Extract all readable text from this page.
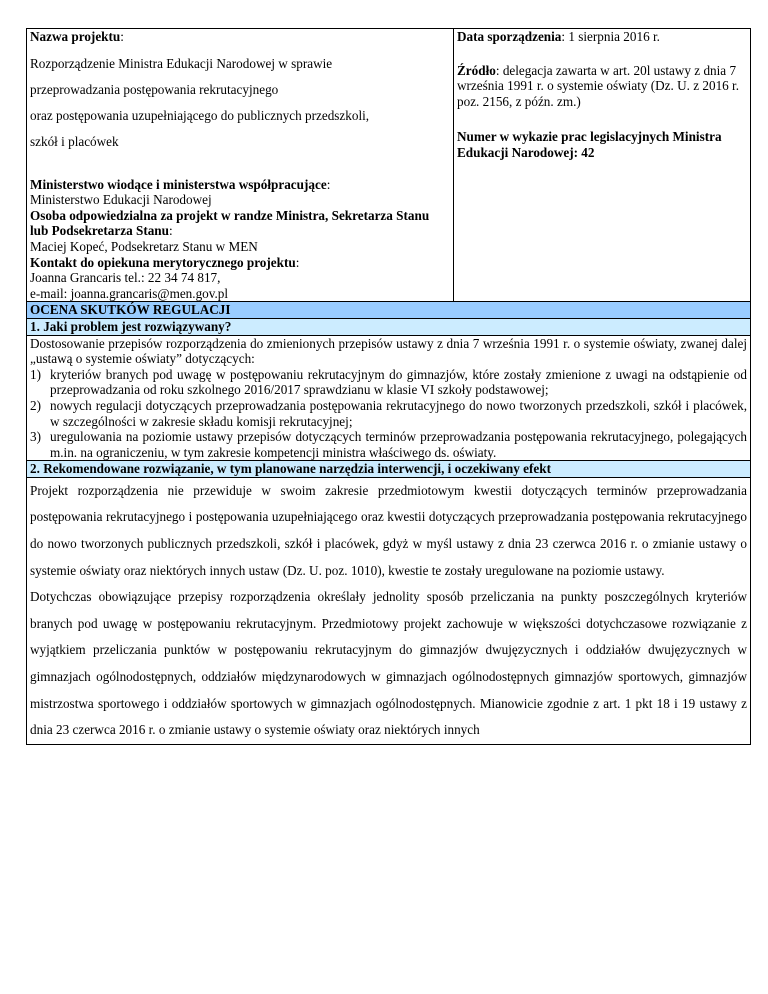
Nazwa projektu:

Rozporządzenie Ministra Edukacji Narodowej w sprawie

przeprowadzania postępowania rekrutacyjnego

oraz postępowania uzupełniającego do publicznych przedszkoli,

szkół i placówek

Ministerstwo wiodące i ministerstwa współpracujące:

Ministerstwo Edukacji Narodowej

Osoba odpowiedzialna za projekt w randze Ministra, Sekretarza Stanu lub Podsekretarza Stanu:

Maciej Kopeć, Podsekretarz Stanu w MEN

Kontakt do opiekuna merytorycznego projektu:

Joanna Grancaris tel.: 22 34 74 817,

e-mail: joanna.grancaris@men.gov.pl

Data sporządzenia: 1 sierpnia 2016 r.

Źródło: delegacja zawarta w art. 20l ustawy z dnia 7 września 1991 r. o systemie oświaty (Dz. U. z 2016 r. poz. 2156, z późn. zm.)

Numer w wykazie prac legislacyjnych Ministra Edukacji Narodowej: 42

OCENA SKUTKÓW REGULACJI
1. Jaki problem jest rozwiązywany?

Dostosowanie przepisów rozporządzenia do zmienionych przepisów ustawy z dnia 7 września 1991 r. o systemie oświaty, zwanej dalej „ustawą o systemie oświaty” dotyczących:

1) kryteriów branych pod uwagę w postępowaniu rekrutacyjnym do gimnazjów, które zostały zmienione z uwagi na odstąpienie od przeprowadzania od roku szkolnego 2016/2017 sprawdzianu w klasie VI szkoły podstawowej;
2) nowych regulacji dotyczących przeprowadzania postępowania rekrutacyjnego do nowo tworzonych przedszkoli, szkół i placówek, w szczególności w zakresie składu komisji rekrutacyjnej;
3) uregulowania na poziomie ustawy przepisów dotyczących terminów przeprowadzania postępowania rekrutacyjnego, polegających m.in. na ograniczeniu, w tym zakresie kompetencji ministra właściwego ds. oświaty.

2. Rekomendowane rozwiązanie, w tym planowane narzędzia interwencji, i oczekiwany efekt

Projekt rozporządzenia nie przewiduje w swoim zakresie przedmiotowym kwestii dotyczących terminów przeprowadzania postępowania rekrutacyjnego i postępowania uzupełniającego oraz kwestii dotyczących przeprowadzania postępowania rekrutacyjnego do nowo tworzonych publicznych przedszkoli, szkół i placówek, gdyż w myśl ustawy z dnia 23 czerwca 2016 r. o zmianie ustawy o systemie oświaty oraz niektórych innych ustaw (Dz. U. poz. 1010), kwestie te zostały uregulowane na poziomie ustawy.

Dotychczas obowiązujące przepisy rozporządzenia określały jednolity sposób przeliczania na punkty poszczególnych kryteriów branych pod uwagę w postępowaniu rekrutacyjnym. Przedmiotowy projekt zachowuje w większości dotychczasowe rozwiązanie z wyjątkiem przeliczania punktów w postępowaniu rekrutacyjnym do gimnazjów dwujęzycznych i oddziałów dwujęzycznych w gimnazjach ogólnodostępnych, oddziałów międzynarodowych w gimnazjach ogólnodostępnych gimnazjów sportowych, gimnazjów mistrzostwa sportowego i oddziałów sportowych w gimnazjach ogólnodostępnych. Mianowicie zgodnie z art. 1 pkt 18 i 19 ustawy z dnia 23 czerwca 2016 r. o zmianie ustawy o systemie oświaty oraz niektórych innych
